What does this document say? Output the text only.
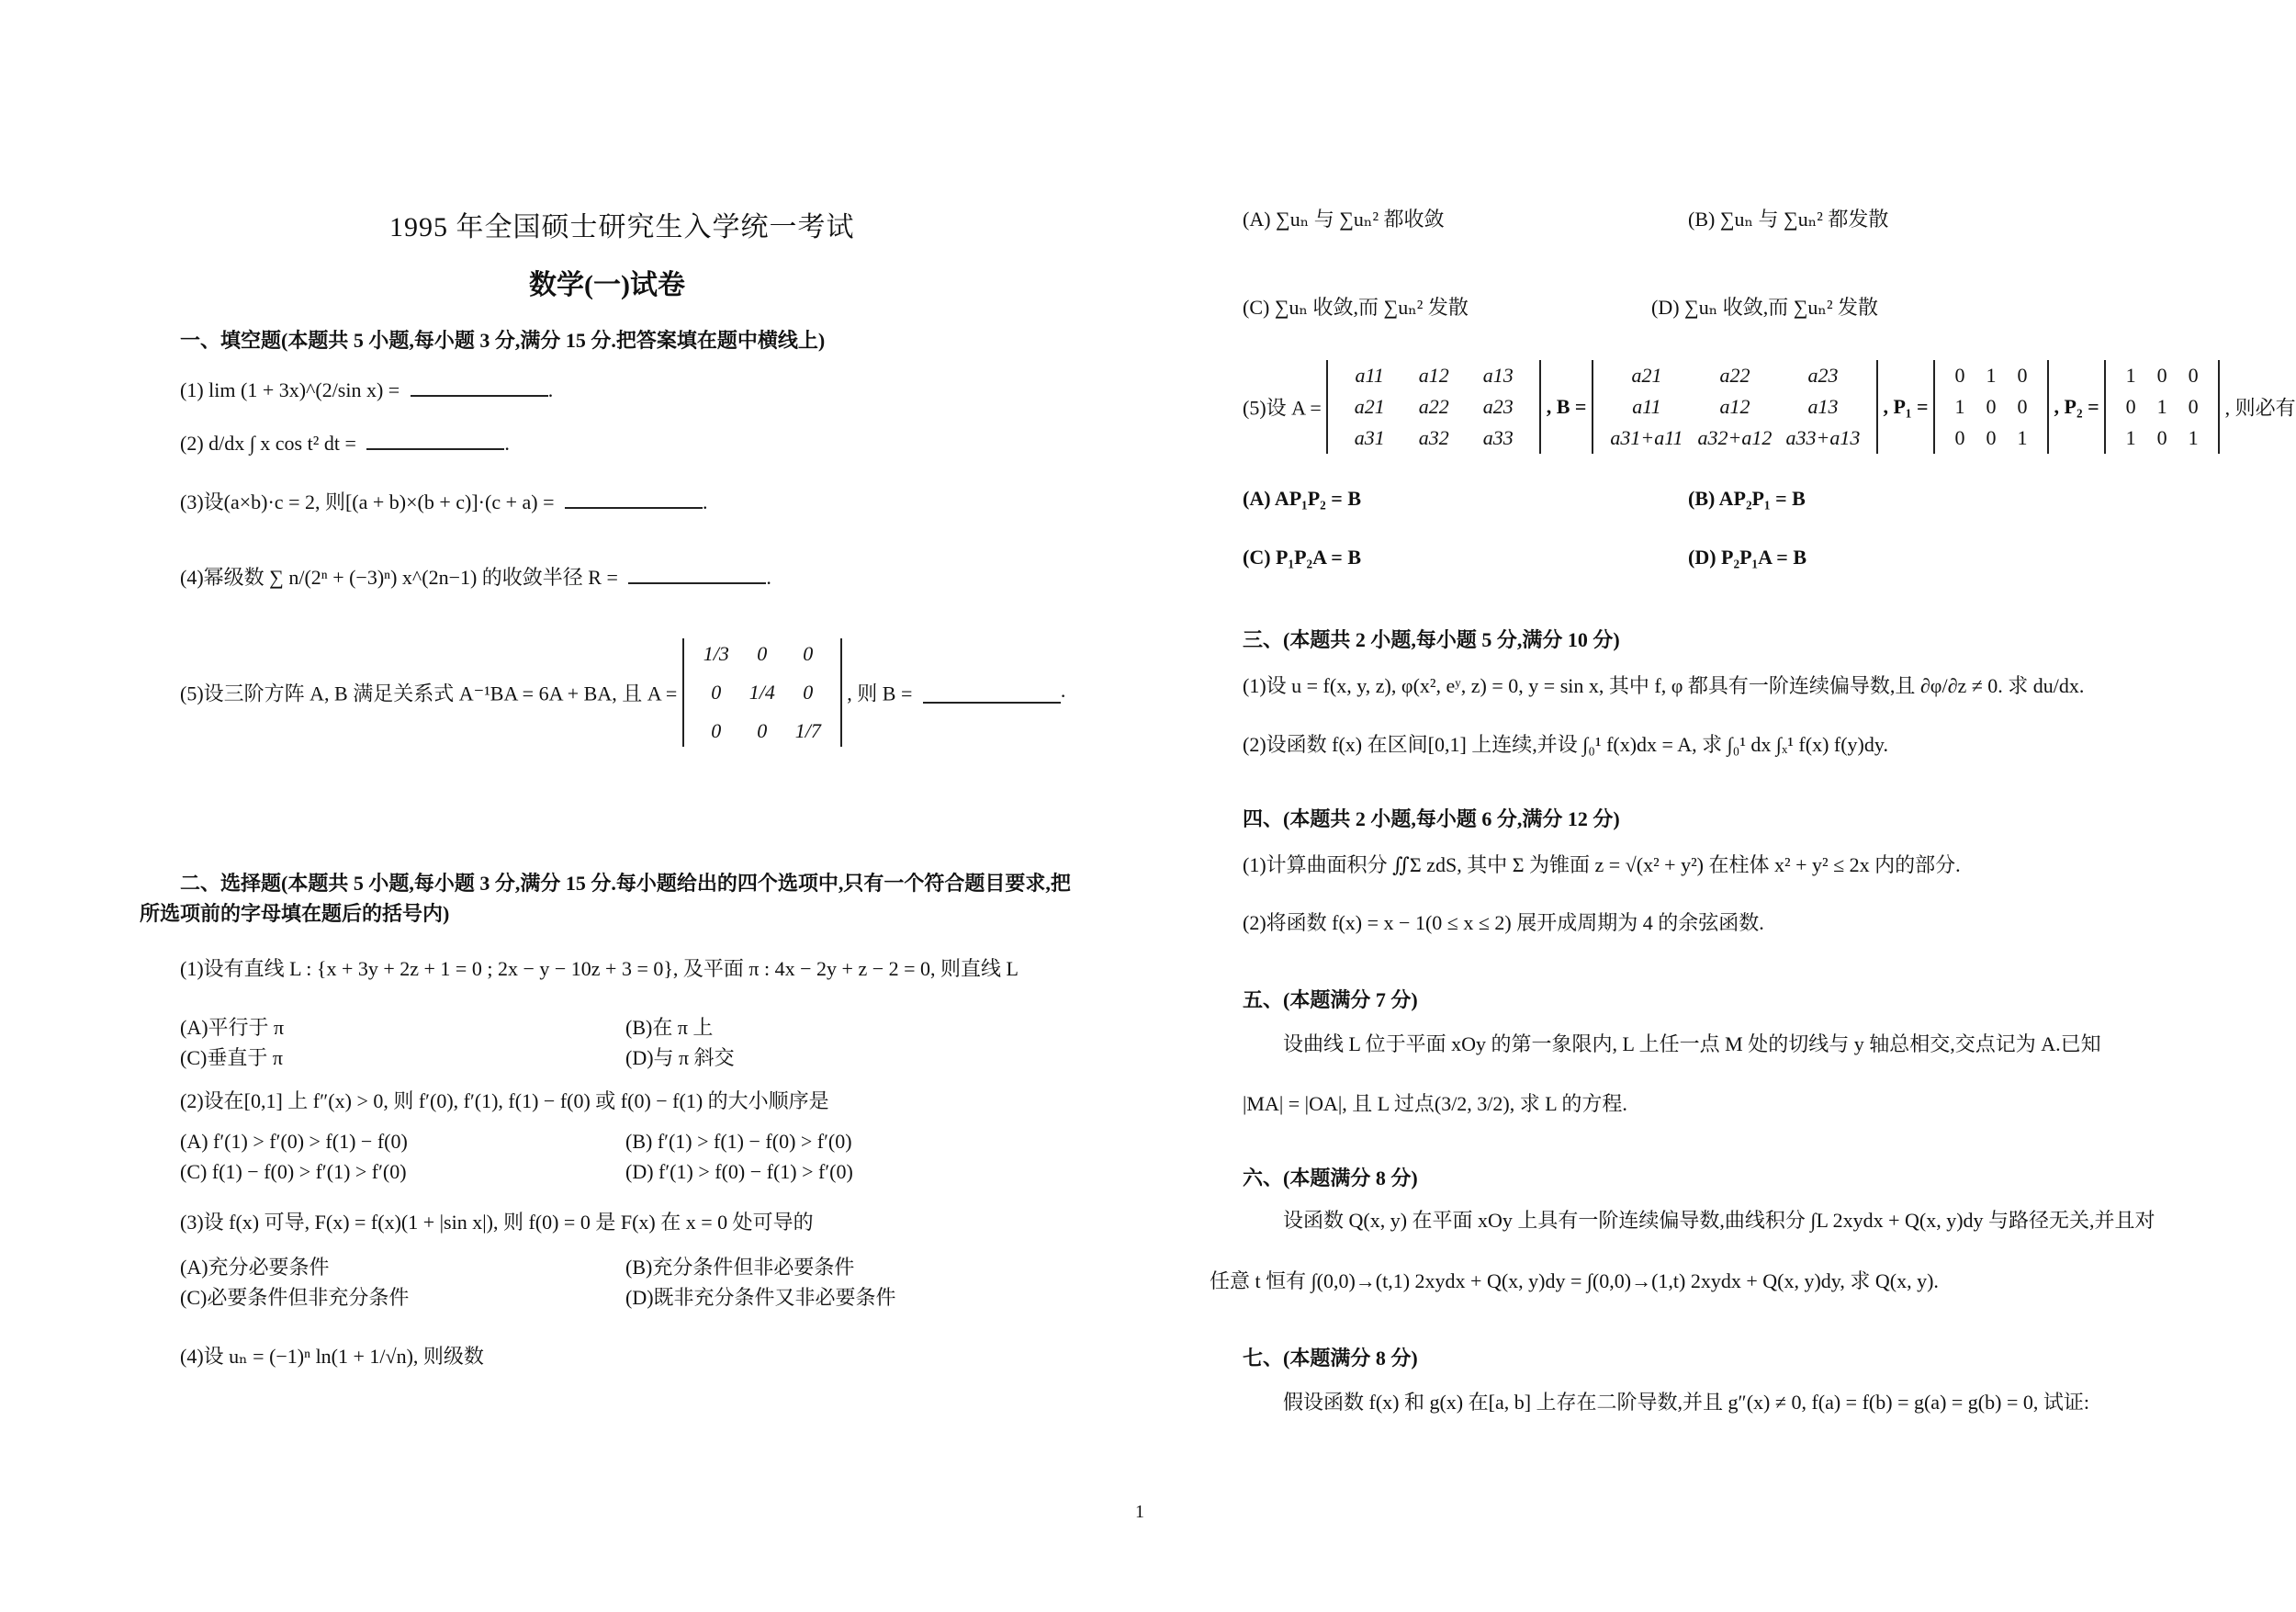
1995 年全国硕士研究生入学统一考试
数学(一)试卷
一、填空题(本题共 5 小题,每小题 3 分,满分 15 分.把答案填在题中横线上)
(1) lim (1 + 3x)^(2/sin x) =	.
(2) d/dx ∫ x cos t² dt =	.
(3)设(a×b)·c = 2, 则[(a + b)×(b + c)]·(c + a) =	.
(4)幂级数 ∑ n/(2ⁿ + (−3)ⁿ) x^(2n−1) 的收敛半径 R =	.
(5)设三阶方阵 A, B 满足关系式 A⁻¹BA = 6A + BA, 且 A =
1/3	0	0
0	1/4	0
0	0	1/7
, 则 B =	.
二、选择题(本题共 5 小题,每小题 3 分,满分 15 分.每小题给出的四个选项中,只有一个符合题目要求,把
所选项前的字母填在题后的括号内)
(1)设有直线 L : {x + 3y + 2z + 1 = 0 ; 2x − y − 10z + 3 = 0}, 及平面 π : 4x − 2y + z − 2 = 0, 则直线 L
(A)平行于 π	(B)在 π 上
(C)垂直于 π	(D)与 π 斜交
(2)设在[0,1] 上 f″(x) > 0, 则 f′(0), f′(1), f(1) − f(0) 或 f(0) − f(1) 的大小顺序是
(A) f′(1) > f′(0) > f(1) − f(0)	(B) f′(1) > f(1) − f(0) > f′(0)
(C) f(1) − f(0) > f′(1) > f′(0)	(D) f′(1) > f(0) − f(1) > f′(0)
(3)设 f(x) 可导, F(x) = f(x)(1 + |sin x|), 则 f(0) = 0 是 F(x) 在 x = 0 处可导的
(A)充分必要条件	(B)充分条件但非必要条件
(C)必要条件但非充分条件	(D)既非充分条件又非必要条件
(4)设 uₙ = (−1)ⁿ ln(1 + 1/√n), 则级数
(A) ∑uₙ 与 ∑uₙ² 都收敛	(B) ∑uₙ 与 ∑uₙ² 都发散
(C) ∑uₙ 收敛,而 ∑uₙ² 发散	(D) ∑uₙ 收敛,而 ∑uₙ² 发散
(5)设 A =
a11	a12	a13
a21	a22	a23
a31	a32	a33
, B =
a21	a22	a23
a11	a12	a13
a31+a11 a32+a12 a33+a13
, P₁ =
0	1	0
1	0	0
0	0	1
, P₂ =
1	0	0
0	1	0
1	0	1
, 则必有
(A) AP₁P₂ = B	(B) AP₂P₁ = B
(C) P₁P₂A = B	(D) P₂P₁A = B
三、(本题共 2 小题,每小题 5 分,满分 10 分)
(1)设 u = f(x, y, z), φ(x², eʸ, z) = 0, y = sin x, 其中 f, φ 都具有一阶连续偏导数,且 ∂φ/∂z ≠ 0. 求 du/dx.
(2)设函数 f(x) 在区间[0,1] 上连续,并设 ∫₀¹ f(x)dx = A, 求 ∫₀¹ dx ∫ₓ¹ f(x) f(y)dy.
四、(本题共 2 小题,每小题 6 分,满分 12 分)
(1)计算曲面积分 ∬Σ zdS, 其中 Σ 为锥面 z = √(x² + y²) 在柱体 x² + y² ≤ 2x 内的部分.
(2)将函数 f(x) = x − 1(0 ≤ x ≤ 2) 展开成周期为 4 的余弦函数.
五、(本题满分 7 分)
设曲线 L 位于平面 xOy 的第一象限内, L 上任一点 M 处的切线与 y 轴总相交,交点记为 A.已知
|MA| = |OA|, 且 L 过点(3/2, 3/2), 求 L 的方程.
六、(本题满分 8 分)
设函数 Q(x, y) 在平面 xOy 上具有一阶连续偏导数,曲线积分 ∫L 2xydx + Q(x, y)dy 与路径无关,并且对
任意 t 恒有 ∫(0,0)→(t,1) 2xydx + Q(x, y)dy = ∫(0,0)→(1,t) 2xydx + Q(x, y)dy, 求 Q(x, y).
七、(本题满分 8 分)
假设函数 f(x) 和 g(x) 在[a, b] 上存在二阶导数,并且 g″(x) ≠ 0, f(a) = f(b) = g(a) = g(b) = 0, 试证:
1
